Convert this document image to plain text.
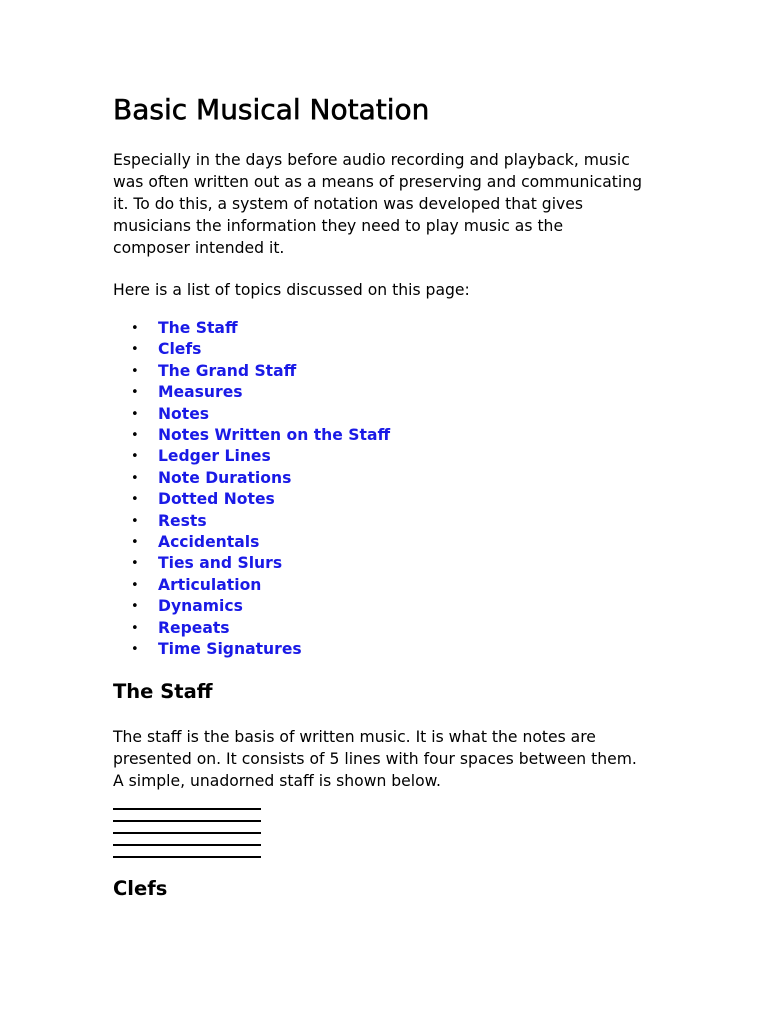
Basic Musical Notation

Especially in the days before audio recording and playback, music was often written out as a means of preserving and communicating it. To do this, a system of notation was developed that gives musicians the information they need to play music as the composer intended it.

Here is a list of topics discussed on this page:

• The Staff
• Clefs
• The Grand Staff
• Measures
• Notes
• Notes Written on the Staff
• Ledger Lines
• Note Durations
• Dotted Notes
• Rests
• Accidentals
• Ties and Slurs
• Articulation
• Dynamics
• Repeats
• Time Signatures
The Staff

The staff is the basis of written music. It is what the notes are presented on. It consists of 5 lines with four spaces between them. A simple, unadorned staff is shown below.

Clefs
